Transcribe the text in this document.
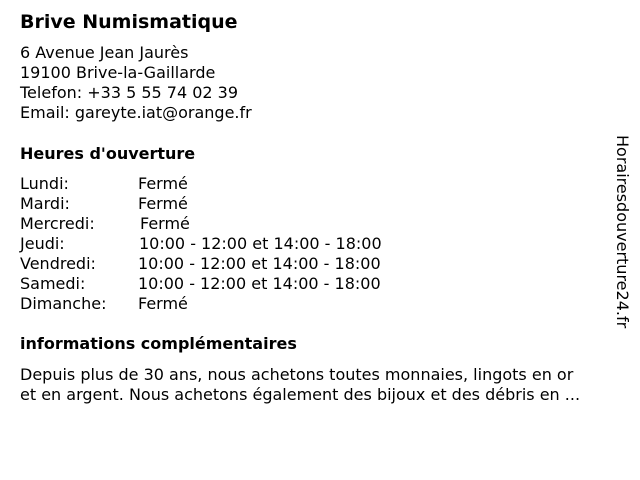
Brive Numismatique
6 Avenue Jean Jaurès
19100 Brive-la-Gaillarde
Telefon: +33 5 55 74 02 39
Email: gareyte.iat@orange.fr
Heures d'ouverture
Lundi:	Fermé
Mardi:	Fermé
Mercredi:	Fermé
Jeudi:	10:00 - 12:00 et 14:00 - 18:00
Vendredi:	10:00 - 12:00 et 14:00 - 18:00
Samedi:	10:00 - 12:00 et 14:00 - 18:00
Dimanche: Fermé
informations complémentaires
Depuis plus de 30 ans, nous achetons toutes monnaies, lingots en or
et en argent. Nous achetons également des bijoux et des débris en ...
Horairesdouverture24.fr
